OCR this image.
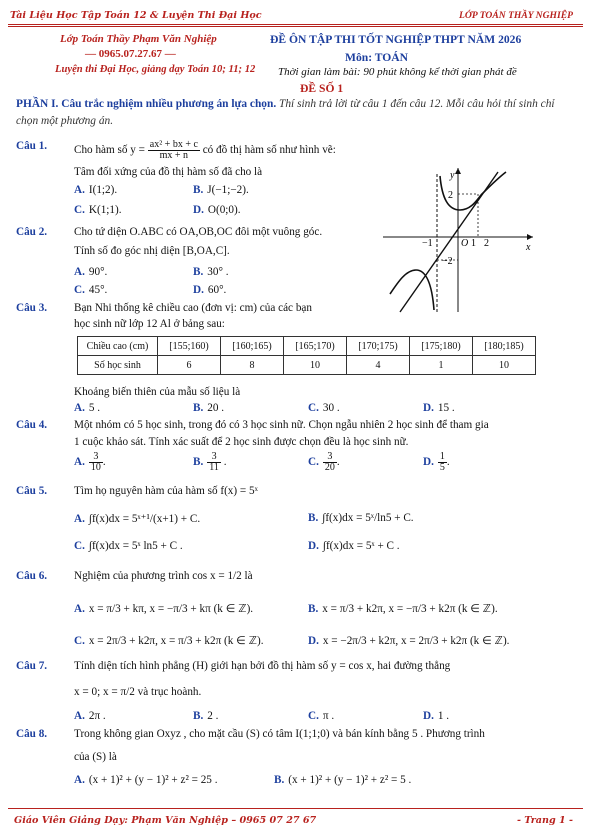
Tài Liệu Học Tập Toán 12 & Luyện Thi Đại Học	LỚP TOÁN THẦY NGHIỆP
Lớp Toán Thầy Phạm Văn Nghiệp
— 0965.07.27.67 —
Luyện thi Đại Học, giảng dạy Toán 10; 11; 12
ĐỀ ÔN TẬP THI TỐT NGHIỆP THPT NĂM 2026
Môn: TOÁN
Thời gian làm bài: 90 phút không kể thời gian phát đề
ĐỀ SỐ 1
PHẦN I. Câu trắc nghiệm nhiều phương án lựa chọn. Thí sinh trả lời từ câu 1 đến câu 12. Mỗi câu hỏi thí sinh chỉ chọn một phương án.
Câu 1. Cho hàm số $y = \frac{\text{ax² + bx + c}}{mx + n}$ có đồ thị hàm số như hình vẽ:
Tâm đối xứng của đồ thị hàm số đã cho là
A. I(1;2).	B. J(−1;−2).
C. K(1;1).	D. O(0;0).
y
x
2
−2
−1	O 1 2
Câu 2. Cho tứ diện O.ABC có OA,OB,OC đôi một vuông góc.
Tính số đo góc nhị diện [B,OA,C].
A. 90°.	B. 30° .
C. 45°.	D. 60°.
Câu 3. Bạn Nhi thống kê chiều cao (đơn vị: cm) của các bạn
học sinh nữ lớp 12 Al ở bảng sau:
Chiều cao (cm)	[155;160)	[160;165)	[165;170)	[170;175)	[175;180)	[180;185)
Số học sinh	6	8	10	4	1	10
Khoảng biến thiên của mẫu số liệu là
A. 5 .	B. 20 .	C. 30 .	D. 15 .
Câu 4. Một nhóm có 5 học sinh, trong đó có 3 học sinh nữ. Chọn ngẫu nhiên 2 học sinh để tham gia
1 cuộc khảo sát. Tính xác suất để 2 học sinh được chọn đều là học sinh nữ.
A. $\frac{3}{10}$ .	B. $\frac{3}{11}$ .	C. $\frac{3}{20}$ .	D. $\frac{1}{5}$ .
Câu 5. Tìm họ nguyên hàm của hàm số f(x) = 5ˣ
A. ∫f(x)dx = 5ˣ⁺¹/(x+1) + C.	B. ∫f(x)dx = 5ˣ/ln5 + C.
C. ∫f(x)dx = 5ˣ ln5 + C .	D. ∫f(x)dx = 5ˣ + C .
Câu 6. Nghiệm của phương trình cos x = 1/2 là
A. x = π/3 + kπ, x = −π/3 + kπ (k ∈ ℤ).	B. x = π/3 + k2π, x = −π/3 + k2π (k ∈ ℤ).
C. x = 2π/3 + k2π, x = π/3 + k2π (k ∈ ℤ).	D. x = −2π/3 + k2π, x = 2π/3 + k2π (k ∈ ℤ).
Câu 7. Tính diện tích hình phẳng (H) giới hạn bởi đồ thị hàm số y = cos x, hai đường thẳng
x = 0; x = π/2 và trục hoành.
A. 2π .	B. 2 .	C. π .	D. 1 .
Câu 8. Trong không gian Oxyz , cho mặt cầu (S) có tâm I(1;1;0) và bán kính bằng 5 . Phương trình
của (S) là
A. (x + 1)² + (y − 1)² + z² = 25 .	B. (x + 1)² + (y − 1)² + z² = 5 .
Giáo Viên Giảng Dạy: Phạm Văn Nghiệp – 0965 07 27 67	- Trang 1 -
